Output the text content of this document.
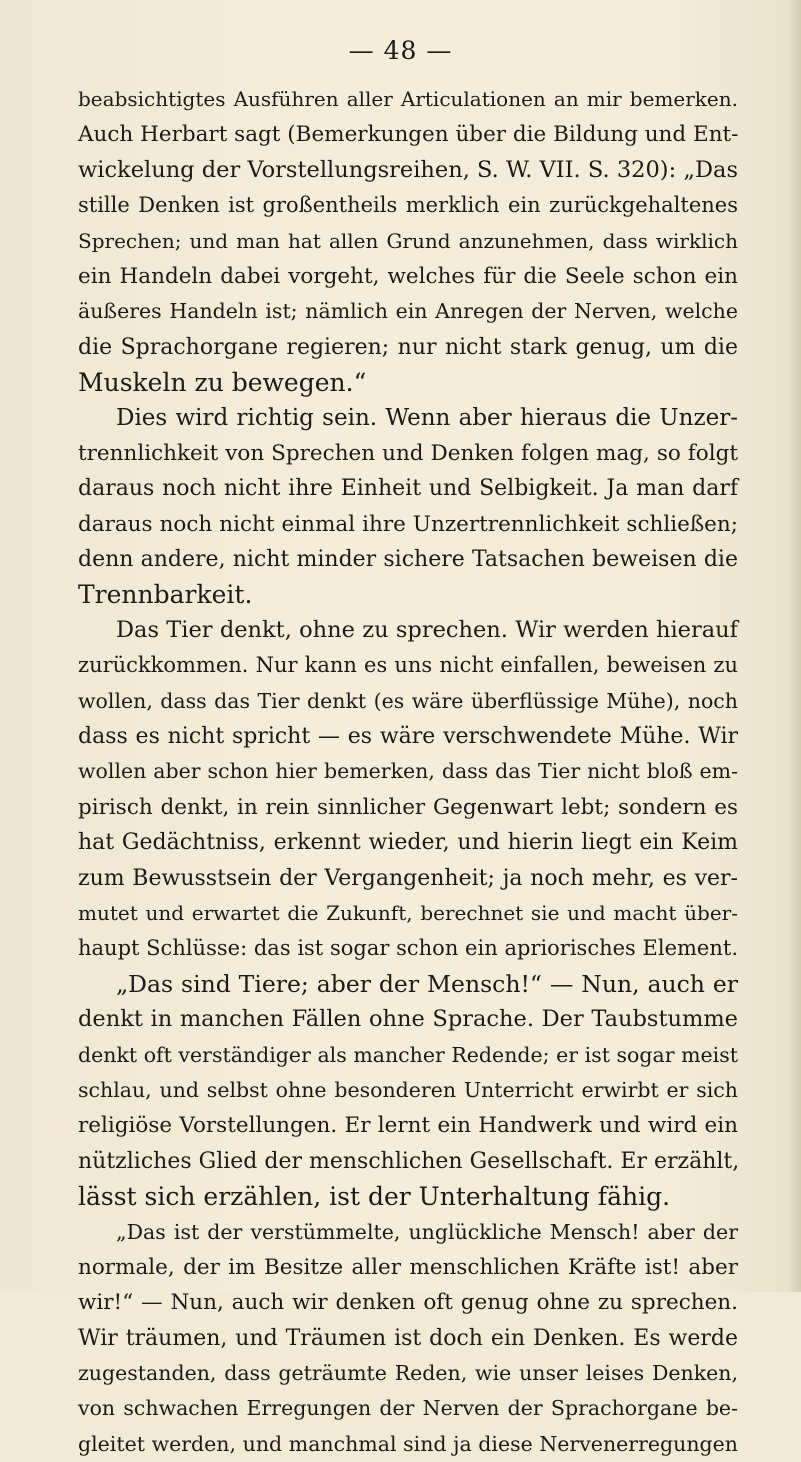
— 48 —
beabsichtigtes Ausführen aller Articulationen an mir bemerken.
Auch Herbart sagt (Bemerkungen über die Bildung und Ent-
wickelung der Vorstellungsreihen, S. W. VII. S. 320): „Das
stille Denken ist großentheils merklich ein zurückgehaltenes
Sprechen; und man hat allen Grund anzunehmen, dass wirklich
ein Handeln dabei vorgeht, welches für die Seele schon ein
äußeres Handeln ist; nämlich ein Anregen der Nerven, welche
die Sprachorgane regieren; nur nicht stark genug, um die
Muskeln zu bewegen.“
Dies wird richtig sein. Wenn aber hieraus die Unzer-
trennlichkeit von Sprechen und Denken folgen mag, so folgt
daraus noch nicht ihre Einheit und Selbigkeit. Ja man darf
daraus noch nicht einmal ihre Unzertrennlichkeit schließen;
denn andere, nicht minder sichere Tatsachen beweisen die
Trennbarkeit.
Das Tier denkt, ohne zu sprechen. Wir werden hierauf
zurückkommen. Nur kann es uns nicht einfallen, beweisen zu
wollen, dass das Tier denkt (es wäre überflüssige Mühe), noch
dass es nicht spricht — es wäre verschwendete Mühe. Wir
wollen aber schon hier bemerken, dass das Tier nicht bloß em-
pirisch denkt, in rein sinnlicher Gegenwart lebt; sondern es
hat Gedächtniss, erkennt wieder, und hierin liegt ein Keim
zum Bewusstsein der Vergangenheit; ja noch mehr, es ver-
mutet und erwartet die Zukunft, berechnet sie und macht über-
haupt Schlüsse: das ist sogar schon ein apriorisches Element.
„Das sind Tiere; aber der Mensch!“ — Nun, auch er
denkt in manchen Fällen ohne Sprache. Der Taubstumme
denkt oft verständiger als mancher Redende; er ist sogar meist
schlau, und selbst ohne besonderen Unterricht erwirbt er sich
religiöse Vorstellungen. Er lernt ein Handwerk und wird ein
nützliches Glied der menschlichen Gesellschaft. Er erzählt,
lässt sich erzählen, ist der Unterhaltung fähig.
„Das ist der verstümmelte, unglückliche Mensch! aber der
normale, der im Besitze aller menschlichen Kräfte ist! aber
wir!“ — Nun, auch wir denken oft genug ohne zu sprechen.
Wir träumen, und Träumen ist doch ein Denken. Es werde
zugestanden, dass geträumte Reden, wie unser leises Denken,
von schwachen Erregungen der Nerven der Sprachorgane be-
gleitet werden, und manchmal sind ja diese Nervenerregungen
